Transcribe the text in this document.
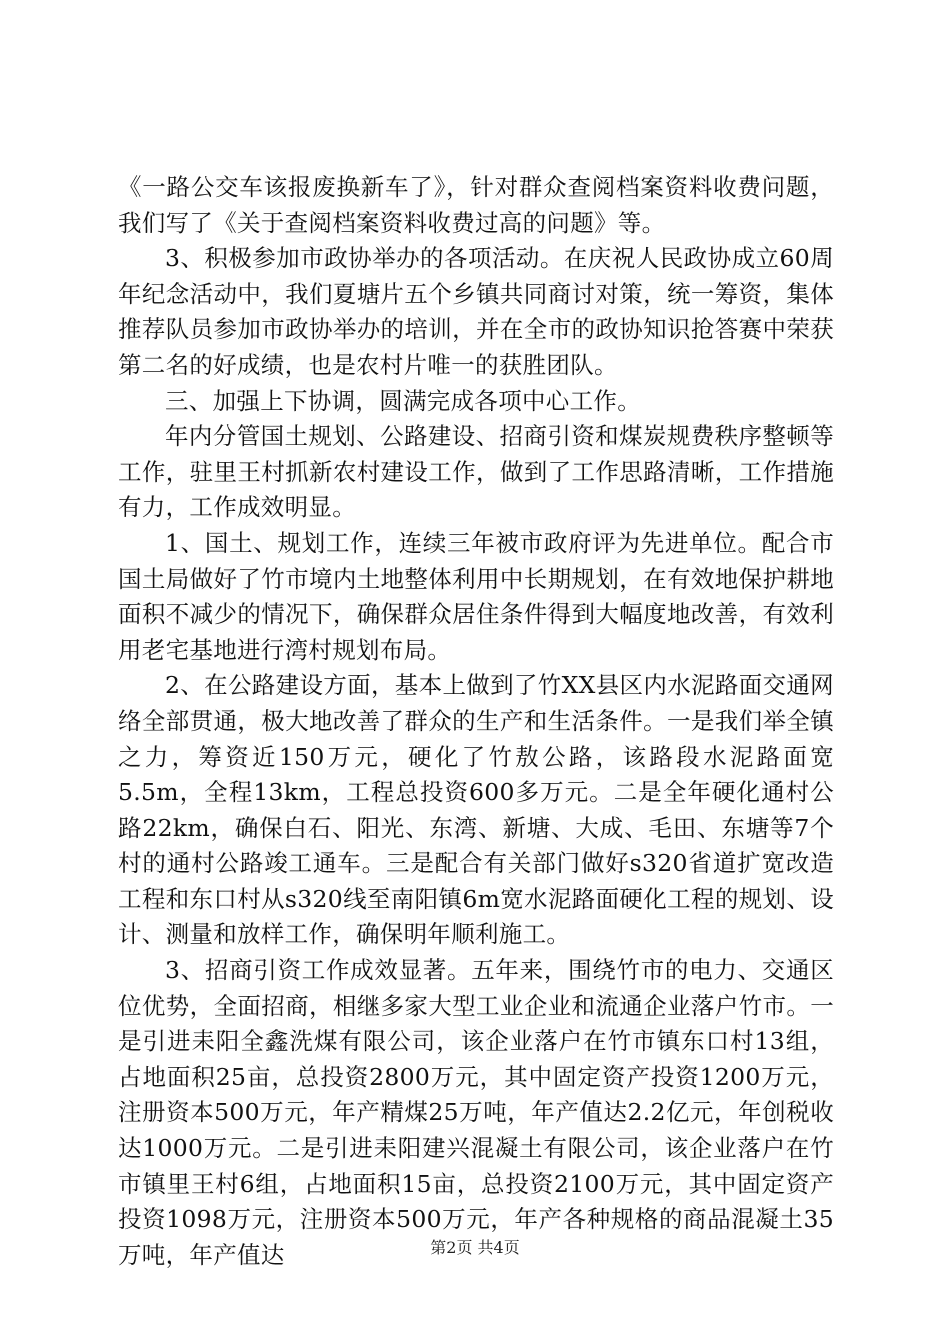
《一路公交车该报废换新车了》，针对群众查阅档案资料收费问题，我们写了《关于查阅档案资料收费过高的问题》等。

3、积极参加市政协举办的各项活动。在庆祝人民政协成立60周年纪念活动中，我们夏塘片五个乡镇共同商讨对策，统一筹资，集体推荐队员参加市政协举办的培训，并在全市的政协知识抢答赛中荣获第二名的好成绩，也是农村片唯一的获胜团队。

三、加强上下协调，圆满完成各项中心工作。

年内分管国土规划、公路建设、招商引资和煤炭规费秩序整顿等工作，驻里王村抓新农村建设工作，做到了工作思路清晰，工作措施有力，工作成效明显。

1、国土、规划工作，连续三年被市政府评为先进单位。配合市国土局做好了竹市境内土地整体利用中长期规划，在有效地保护耕地面积不减少的情况下，确保群众居住条件得到大幅度地改善，有效利用老宅基地进行湾村规划布局。

2、在公路建设方面，基本上做到了竹XX县区内水泥路面交通网络全部贯通，极大地改善了群众的生产和生活条件。一是我们举全镇之力，筹资近150万元，硬化了竹敖公路，该路段水泥路面宽5.5m，全程13km，工程总投资600多万元。二是全年硬化通村公路22km，确保白石、阳光、东湾、新塘、大成、毛田、东塘等7个村的通村公路竣工通车。三是配合有关部门做好s320省道扩宽改造工程和东口村从s320线至南阳镇6m宽水泥路面硬化工程的规划、设计、测量和放样工作，确保明年顺利施工。

3、招商引资工作成效显著。五年来，围绕竹市的电力、交通区位优势，全面招商，相继多家大型工业企业和流通企业落户竹市。一是引进耒阳全鑫洗煤有限公司，该企业落户在竹市镇东口村13组，占地面积25亩，总投资2800万元，其中固定资产投资1200万元，注册资本500万元，年产精煤25万吨，年产值达2.2亿元，年创税收达1000万元。二是引进耒阳建兴混凝土有限公司，该企业落户在竹市镇里王村6组，占地面积15亩，总投资2100万元，其中固定资产投资1098万元，注册资本500万元，年产各种规格的商品混凝土35万吨，年产值达	第2页 共4页
